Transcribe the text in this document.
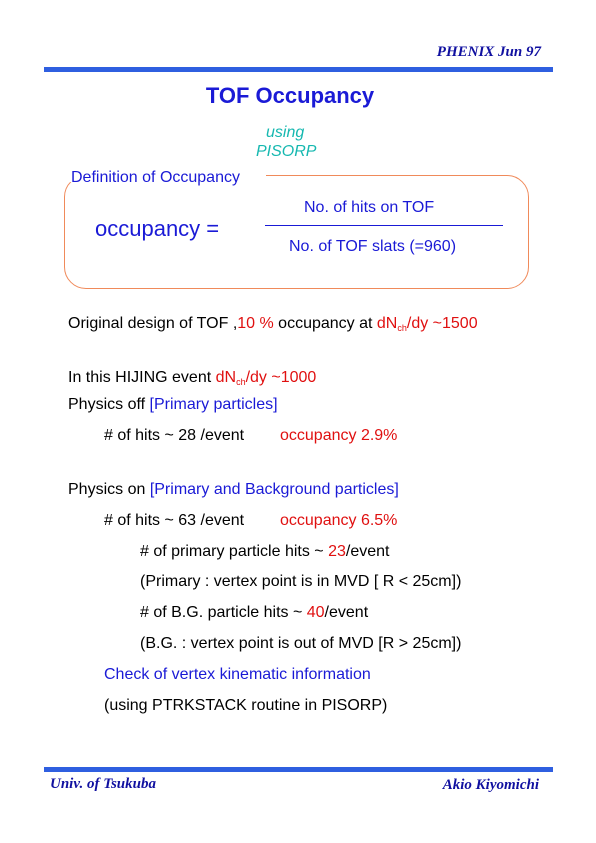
PHENIX Jun 97
TOF Occupancy
using
PISORP
Definition of Occupancy
occupancy =
No. of hits on TOF
No. of TOF slats (=960)
Original design of TOF ,10 % occupancy at $dN_{ch}/dy$ ~1500
In this HIJING event $dN_{ch}/dy$ ~1000
Physics off [Primary particles]
# of hits ~ 28 /event occupancy 2.9%
Physics on [Primary and Background particles]
# of hits ~ 63 /event occupancy 6.5%
# of primary particle hits ~ 23/event
(Primary : vertex point is in MVD [ R < 25cm])
# of B.G. particle hits ~ 40/event
(B.G. : vertex point is out of MVD [R > 25cm])
Check of vertex kinematic information
(using PTRKSTACK routine in PISORP)
Univ. of Tsukuba	Akio Kiyomichi
